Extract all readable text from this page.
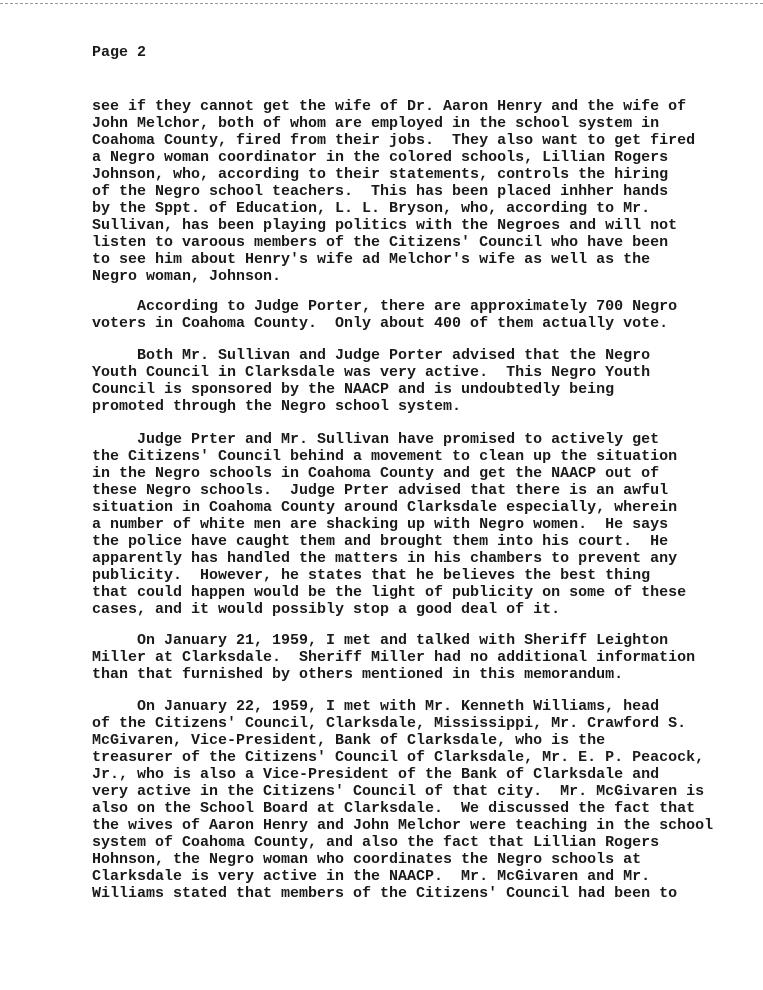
Page 2
see if they cannot get the wife of Dr. Aaron Henry and the wife of
John Melchor, both of whom are employed in the school system in
Coahoma County, fired from their jobs.  They also want to get fired
a Negro woman coordinator in the colored schools, Lillian Rogers
Johnson, who, according to their statements, controls the hiring
of the Negro school teachers.  This has been placed inhher hands
by the Sppt. of Education, L. L. Bryson, who, according to Mr.
Sullivan, has been playing politics with the Negroes and will not
listen to varoous members of the Citizens' Council who have been
to see him about Henry's wife ad Melchor's wife as well as the
Negro woman, Johnson.
According to Judge Porter, there are approximately 700 Negro
voters in Coahoma County.  Only about 400 of them actually vote.
Both Mr. Sullivan and Judge Porter advised that the Negro
Youth Council in Clarksdale was very active.  This Negro Youth
Council is sponsored by the NAACP and is undoubtedly being
promoted through the Negro school system.
Judge Prter and Mr. Sullivan have promised to actively get
the Citizens' Council behind a movement to clean up the situation
in the Negro schools in Coahoma County and get the NAACP out of
these Negro schools.  Judge Prter advised that there is an awful
situation in Coahoma County around Clarksdale especially, wherein
a number of white men are shacking up with Negro women.  He says
the police have caught them and brought them into his court.  He
apparently has handled the matters in his chambers to prevent any
publicity.  However, he states that he believes the best thing
that could happen would be the light of publicity on some of these
cases, and it would possibly stop a good deal of it.
On January 21, 1959, I met and talked with Sheriff Leighton
Miller at Clarksdale.  Sheriff Miller had no additional information
than that furnished by others mentioned in this memorandum.
On January 22, 1959, I met with Mr. Kenneth Williams, head
of the Citizens' Council, Clarksdale, Mississippi, Mr. Crawford S.
McGivaren, Vice-President, Bank of Clarksdale, who is the
treasurer of the Citizens' Council of Clarksdale, Mr. E. P. Peacock,
Jr., who is also a Vice-President of the Bank of Clarksdale and
very active in the Citizens' Council of that city.  Mr. McGivaren is
also on the School Board at Clarksdale.  We discussed the fact that
the wives of Aaron Henry and John Melchor were teaching in the school
system of Coahoma County, and also the fact that Lillian Rogers
Hohnson, the Negro woman who coordinates the Negro schools at
Clarksdale is very active in the NAACP.  Mr. McGivaren and Mr.
Williams stated that members of the Citizens' Council had been to
